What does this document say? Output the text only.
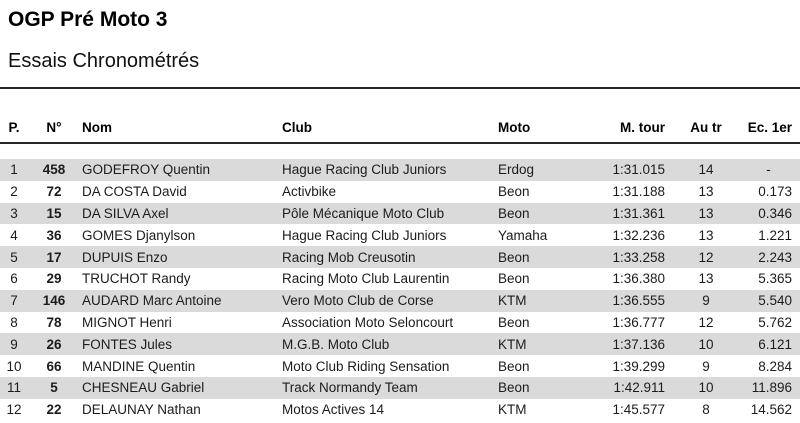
OGP Pré Moto 3
Essais Chronométrés
P.	N°	Nom	Club	Moto	M. tour	Au tr	Ec. 1er

1	458	GODEFROY Quentin	Hague Racing Club Juniors	Erdog	1:31.015	14	-
2	72	DA COSTA David	Activbike	Beon	1:31.188	13	0.173
3	15	DA SILVA Axel	Pôle Mécanique Moto Club	Beon	1:31.361	13	0.346
4	36	GOMES Djanylson	Hague Racing Club Juniors	Yamaha	1:32.236	13	1.221
5	17	DUPUIS Enzo	Racing Mob Creusotin	Beon	1:33.258	12	2.243
6	29	TRUCHOT Randy	Racing Moto Club Laurentin	Beon	1:36.380	13	5.365
7	146	AUDARD Marc Antoine	Vero Moto Club de Corse	KTM	1:36.555	9	5.540
8	78	MIGNOT Henri	Association Moto Seloncourt	Beon	1:36.777	12	5.762
9	26	FONTES Jules	M.G.B. Moto Club	KTM	1:37.136	10	6.121
10	66	MANDINE Quentin	Moto Club Riding Sensation	Beon	1:39.299	9	8.284
11	5	CHESNEAU Gabriel	Track Normandy Team	Beon	1:42.911	10	11.896
12	22	DELAUNAY Nathan	Motos Actives 14	KTM	1:45.577	8	14.562
